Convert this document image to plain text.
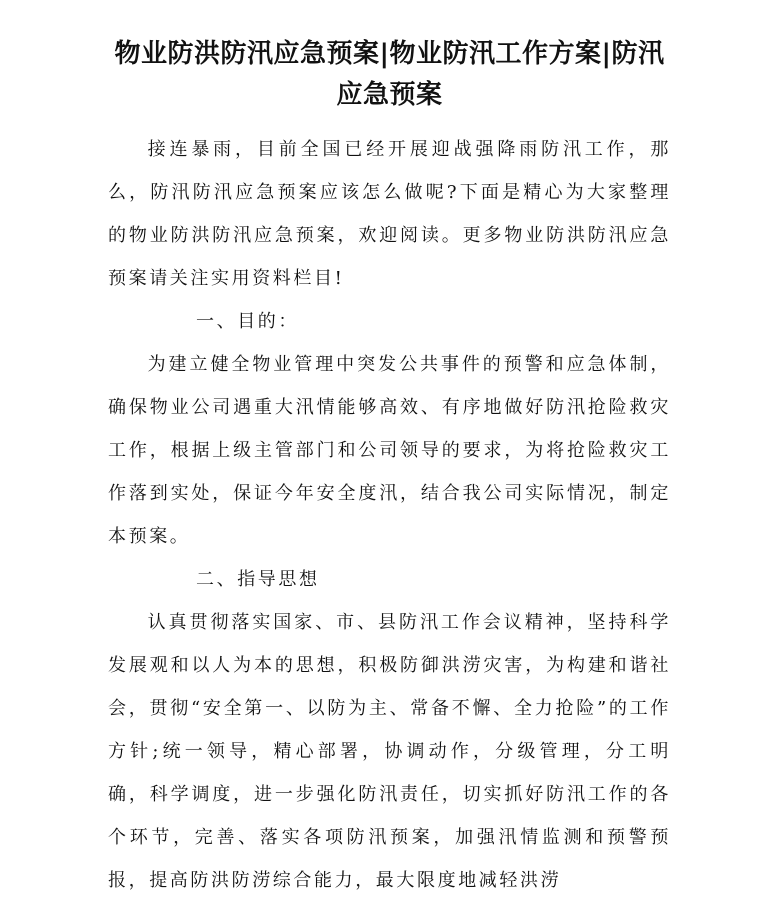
物业防洪防汛应急预案|物业防汛工作方案|防汛应急预案

接连暴雨，目前全国已经开展迎战强降雨防汛工作，那么，防汛防汛应急预案应该怎么做呢?下面是精心为大家整理的物业防洪防汛应急预案，欢迎阅读。更多物业防洪防汛应急预案请关注实用资料栏目!

一、目的：

为建立健全物业管理中突发公共事件的预警和应急体制，确保物业公司遇重大汛情能够高效、有序地做好防汛抢险救灾工作，根据上级主管部门和公司领导的要求，为将抢险救灾工作落到实处，保证今年安全度汛，结合我公司实际情况，制定本预案。

二、指导思想

认真贯彻落实国家、市、县防汛工作会议精神，坚持科学发展观和以人为本的思想，积极防御洪涝灾害，为构建和谐社会，贯彻“安全第一、以防为主、常备不懈、全力抢险”的工作方针;统一领导，精心部署，协调动作，分级管理，分工明确，科学调度，进一步强化防汛责任，切实抓好防汛工作的各个环节，完善、落实各项防汛预案，加强汛情监测和预警预报，提高防洪防涝综合能力，最大限度地减轻洪涝
